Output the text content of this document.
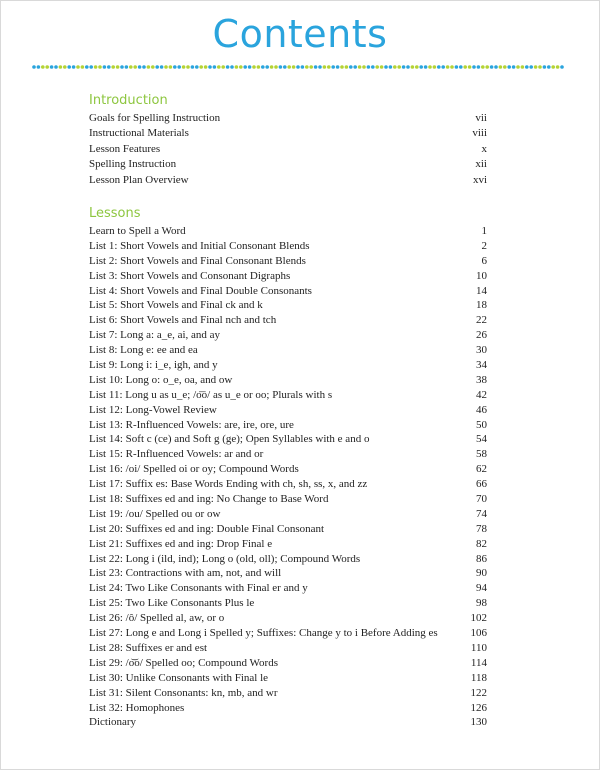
Contents
Introduction
Goals for Spelling Instruction	vii
Instructional Materials	viii
Lesson Features	x
Spelling Instruction	xii
Lesson Plan Overview	xvi
Lessons
Learn to Spell a Word	1
List 1: Short Vowels and Initial Consonant Blends	2
List 2: Short Vowels and Final Consonant Blends	6
List 3: Short Vowels and Consonant Digraphs	10
List 4: Short Vowels and Final Double Consonants	14
List 5: Short Vowels and Final ck and k	18
List 6: Short Vowels and Final nch and tch	22
List 7: Long a: a_e, ai, and ay	26
List 8: Long e: ee and ea	30
List 9: Long i: i_e, igh, and y	34
List 10: Long o: o_e, oa, and ow	38
List 11: Long u as u_e; /o͞o/ as u_e or oo; Plurals with s	42
List 12: Long-Vowel Review	46
List 13: R-Influenced Vowels: are, ire, ore, ure	50
List 14: Soft c (ce) and Soft g (ge); Open Syllables with e and o	54
List 15: R-Influenced Vowels: ar and or	58
List 16: /oi/ Spelled oi or oy; Compound Words	62
List 17: Suffix es: Base Words Ending with ch, sh, ss, x, and zz	66
List 18: Suffixes ed and ing: No Change to Base Word	70
List 19: /ou/ Spelled ou or ow	74
List 20: Suffixes ed and ing: Double Final Consonant	78
List 21: Suffixes ed and ing: Drop Final e	82
List 22: Long i (ild, ind); Long o (old, oll); Compound Words	86
List 23: Contractions with am, not, and will	90
List 24: Two Like Consonants with Final er and y	94
List 25: Two Like Consonants Plus le	98
List 26: /ô/ Spelled al, aw, or o	102
List 27: Long e and Long i Spelled y; Suffixes: Change y to i Before Adding es	106
List 28: Suffixes er and est	110
List 29: /o͝o/ Spelled oo; Compound Words	114
List 30: Unlike Consonants with Final le	118
List 31: Silent Consonants: kn, mb, and wr	122
List 32: Homophones	126
Dictionary	130
